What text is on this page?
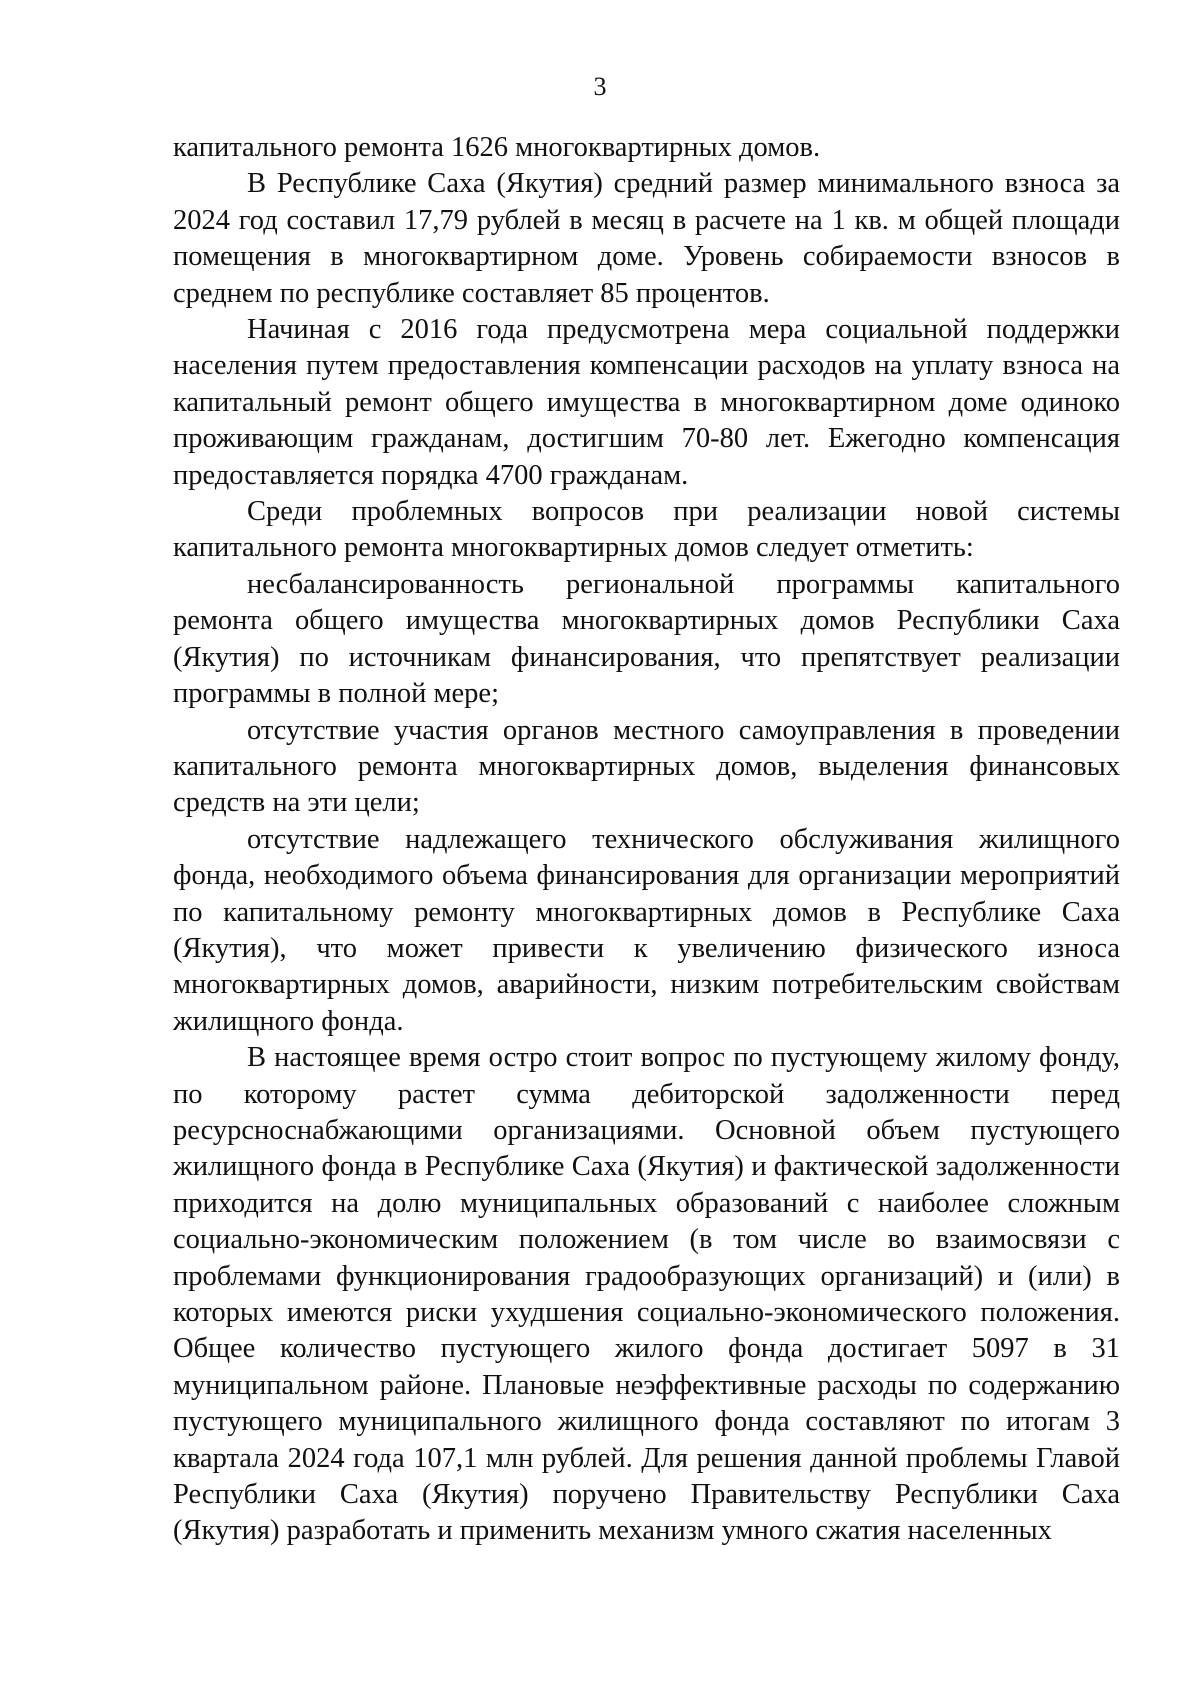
3

капитального ремонта 1626 многоквартирных домов.

В Республике Саха (Якутия) средний размер минимального взноса за 2024 год составил 17,79 рублей в месяц в расчете на 1 кв. м общей площади помещения в многоквартирном доме. Уровень собираемости взносов в среднем по республике составляет 85 процентов.

Начиная с 2016 года предусмотрена мера социальной поддержки населения путем предоставления компенсации расходов на уплату взноса на капитальный ремонт общего имущества в многоквартирном доме одиноко проживающим гражданам, достигшим 70-80 лет. Ежегодно компенсация предоставляется порядка 4700 гражданам.

Среди проблемных вопросов при реализации новой системы капитального ремонта многоквартирных домов следует отметить:

несбалансированность региональной программы капитального ремонта общего имущества многоквартирных домов Республики Саха (Якутия) по источникам финансирования, что препятствует реализации программы в полной мере;

отсутствие участия органов местного самоуправления в проведении капитального ремонта многоквартирных домов, выделения финансовых средств на эти цели;

отсутствие надлежащего технического обслуживания жилищного фонда, необходимого объема финансирования для организации мероприятий по капитальному ремонту многоквартирных домов в Республике Саха (Якутия), что может привести к увеличению физического износа многоквартирных домов, аварийности, низким потребительским свойствам жилищного фонда.

В настоящее время остро стоит вопрос по пустующему жилому фонду, по которому растет сумма дебиторской задолженности перед ресурсноснабжающими организациями. Основной объем пустующего жилищного фонда в Республике Саха (Якутия) и фактической задолженности приходится на долю муниципальных образований с наиболее сложным социально-экономическим положением (в том числе во взаимосвязи с проблемами функционирования градообразующих организаций) и (или) в которых имеются риски ухудшения социально-экономического положения. Общее количество пустующего жилого фонда достигает 5097 в 31 муниципальном районе. Плановые неэффективные расходы по содержанию пустующего муниципального жилищного фонда составляют по итогам 3 квартала 2024 года 107,1 млн рублей. Для решения данной проблемы Главой Республики Саха (Якутия) поручено Правительству Республики Саха (Якутия) разработать и применить механизм умного сжатия населенных
